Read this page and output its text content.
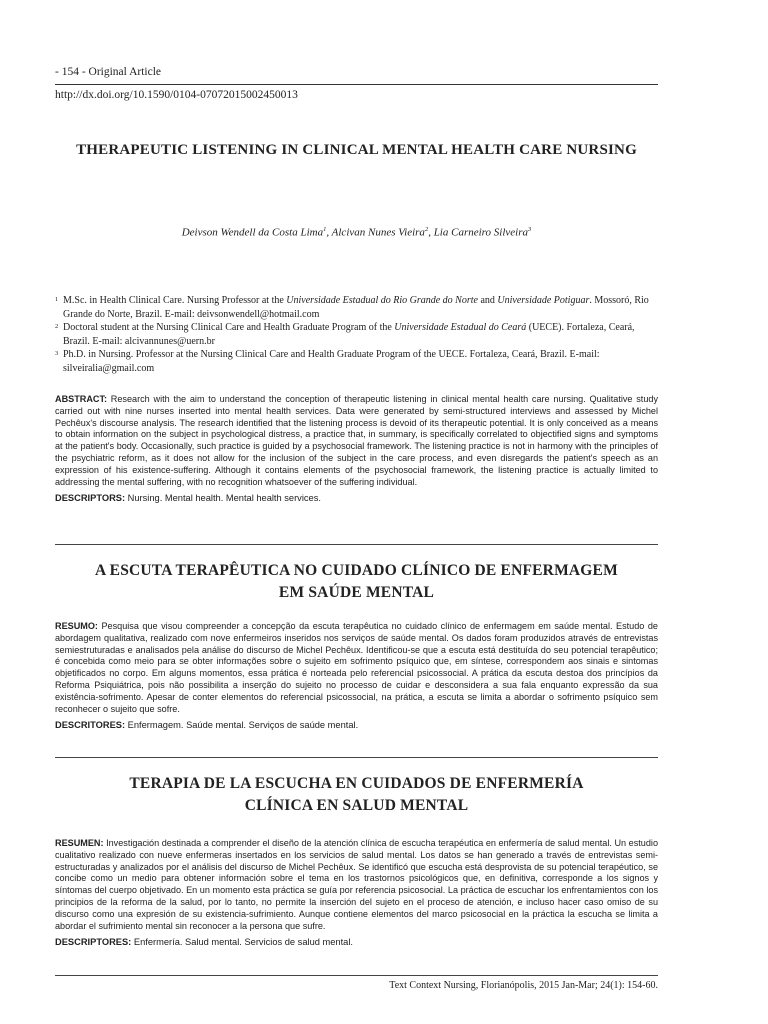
- 154 - Original Article
http://dx.doi.org/10.1590/0104-07072015002450013
THERAPEUTIC LISTENING IN CLINICAL MENTAL HEALTH CARE NURSING
Deivson Wendell da Costa Lima$^1$, Alcivan Nunes Vieira$^2$, Lia Carneiro Silveira$^3$

1 M.Sc. in Health Clinical Care. Nursing Professor at the Universidade Estadual do Rio Grande do Norte and Universidade Potiguar. Mossoró, Rio Grande do Norte, Brazil. E-mail: deivsonwendell@hotmail.com

2 Doctoral student at the Nursing Clinical Care and Health Graduate Program of the Universidade Estadual do Ceará (UECE). Fortaleza, Ceará, Brazil. E-mail: alcivannunes@uern.br

3 Ph.D. in Nursing. Professor at the Nursing Clinical Care and Health Graduate Program of the UECE. Fortaleza, Ceará, Brazil. E-mail: silveiralia@gmail.com

ABSTRACT: Research with the aim to understand the conception of therapeutic listening in clinical mental health care nursing. Qualitative study carried out with nine nurses inserted into mental health services. Data were generated by semi-structured interviews and assessed by Michel Pechêux's discourse analysis. The research identified that the listening process is devoid of its therapeutic potential. It is only conceived as a means to obtain information on the subject in psychological distress, a practice that, in summary, is specifically correlated to objectified signs and symptoms at the patient's body. Occasionally, such practice is guided by a psychosocial framework. The listening practice is not in harmony with the principles of the psychiatric reform, as it does not allow for the inclusion of the subject in the care process, and even disregards the patient's speech as an expression of his existence-suffering. Although it contains elements of the psychosocial framework, the listening practice is actually limited to addressing the mental suffering, with no recognition whatsoever of the suffering individual.

DESCRIPTORS: Nursing. Mental health. Mental health services.

A ESCUTA TERAPÊUTICA NO CUIDADO CLÍNICO DE ENFERMAGEM EM SAÚDE MENTAL

RESUMO: Pesquisa que visou compreender a concepção da escuta terapêutica no cuidado clínico de enfermagem em saúde mental. Estudo de abordagem qualitativa, realizado com nove enfermeiros inseridos nos serviços de saúde mental. Os dados foram produzidos através de entrevistas semiestruturadas e analisados pela análise do discurso de Michel Pechêux. Identificou-se que a escuta está destituída do seu potencial terapêutico; é concebida como meio para se obter informações sobre o sujeito em sofrimento psíquico que, em síntese, correspondem aos sinais e sintomas objetificados no corpo. Em alguns momentos, essa prática é norteada pelo referencial psicossocial. A prática da escuta destoa dos princípios da Reforma Psiquiátrica, pois não possibilita a inserção do sujeito no processo de cuidar e desconsidera a sua fala enquanto expressão da sua existência-sofrimento. Apesar de conter elementos do referencial psicossocial, na prática, a escuta se limita a abordar o sofrimento psíquico sem reconhecer o sujeito que sofre.

DESCRITORES: Enfermagem. Saúde mental. Serviços de saúde mental.

TERAPIA DE LA ESCUCHA EN CUIDADOS DE ENFERMERÍA CLÍNICA EN SALUD MENTAL

RESUMEN: Investigación destinada a comprender el diseño de la atención clínica de escucha terapéutica en enfermería de salud mental. Un estudio cualitativo realizado con nueve enfermeras insertados en los servicios de salud mental. Los datos se han generado a través de entrevistas semi-estructuradas y analizados por el análisis del discurso de Michel Pechêux. Se identificó que escucha está desprovista de su potencial terapéutico, se concibe como un medio para obtener información sobre el tema en los trastornos psicológicos que, en definitiva, corresponde a los signos y síntomas del cuerpo objetivado. En un momento esta práctica se guía por referencia psicosocial. La práctica de escuchar los enfrentamientos con los principios de la reforma de la salud, por lo tanto, no permite la inserción del sujeto en el proceso de atención, e incluso hacer caso omiso de su discurso como una expresión de su existencia-sufrimiento. Aunque contiene elementos del marco psicosocial en la práctica la escucha se limita a abordar el sufrimiento mental sin reconocer a la persona que sufre.

DESCRIPTORES: Enfermería. Salud mental. Servicios de salud mental.

Text Context Nursing, Florianópolis, 2015 Jan-Mar; 24(1): 154-60.
